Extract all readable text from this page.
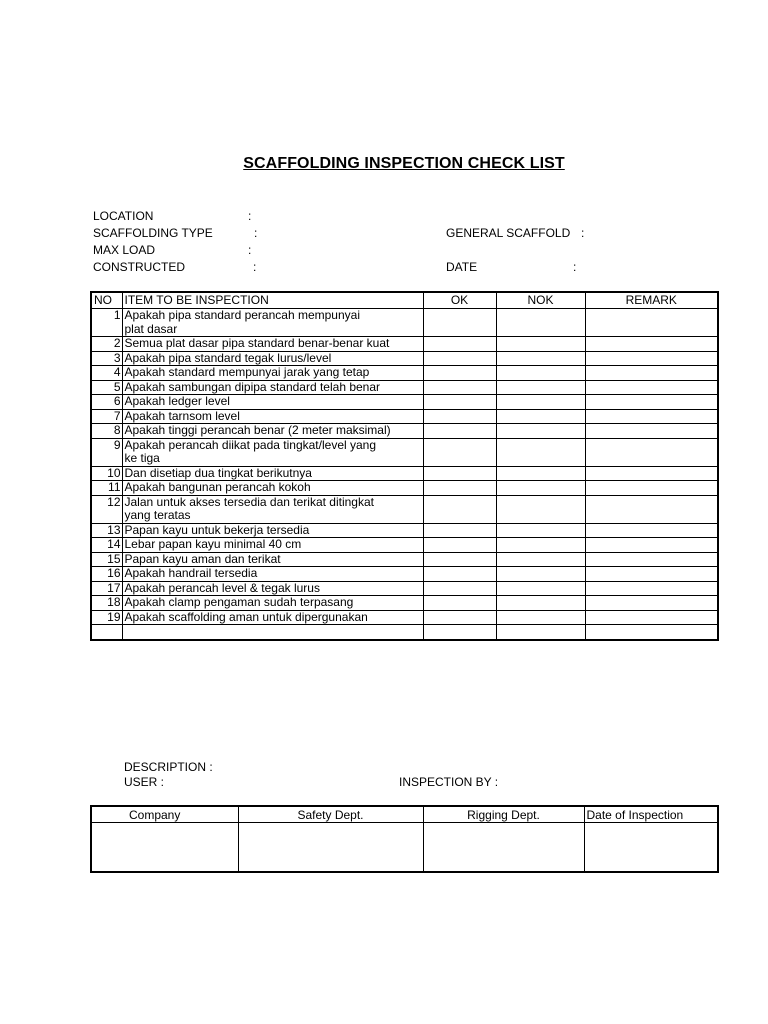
SCAFFOLDING INSPECTION CHECK LIST
LOCATION	:
SCAFFOLDING TYPE	:	GENERAL SCAFFOLD :
MAX LOAD	:
CONSTRUCTED	:	DATE	:
NO	ITEM TO BE INSPECTION	OK	NOK	REMARK
1	Apakah pipa standard perancah mempunyai			
	plat dasar			
2	Semua plat dasar pipa standard benar-benar kuat			
3	Apakah pipa standard tegak lurus/level			
4	Apakah standard mempunyai jarak yang tetap			
5	Apakah sambungan dipipa standard telah benar			
6	Apakah ledger level			
7	Apakah tarnsom level			
8	Apakah tinggi perancah benar (2 meter maksimal)			
9	Apakah perancah diikat pada tingkat/level yang			
	ke tiga			
10	Dan disetiap dua tingkat berikutnya			
11	Apakah bangunan perancah kokoh			
12	Jalan untuk akses tersedia dan terikat ditingkat			
	yang teratas			
13	Papan kayu untuk bekerja tersedia			
14	Lebar papan kayu minimal 40 cm			
15	Papan kayu aman dan terikat			
16	Apakah handrail tersedia			
17	Apakah perancah level & tegak lurus			
18	Apakah clamp pengaman sudah terpasang			
19	Apakah scaffolding aman untuk dipergunakan			

DESCRIPTION :
USER :	INSPECTION BY :
Company	Safety Dept.	Rigging Dept.	Date of Inspection
